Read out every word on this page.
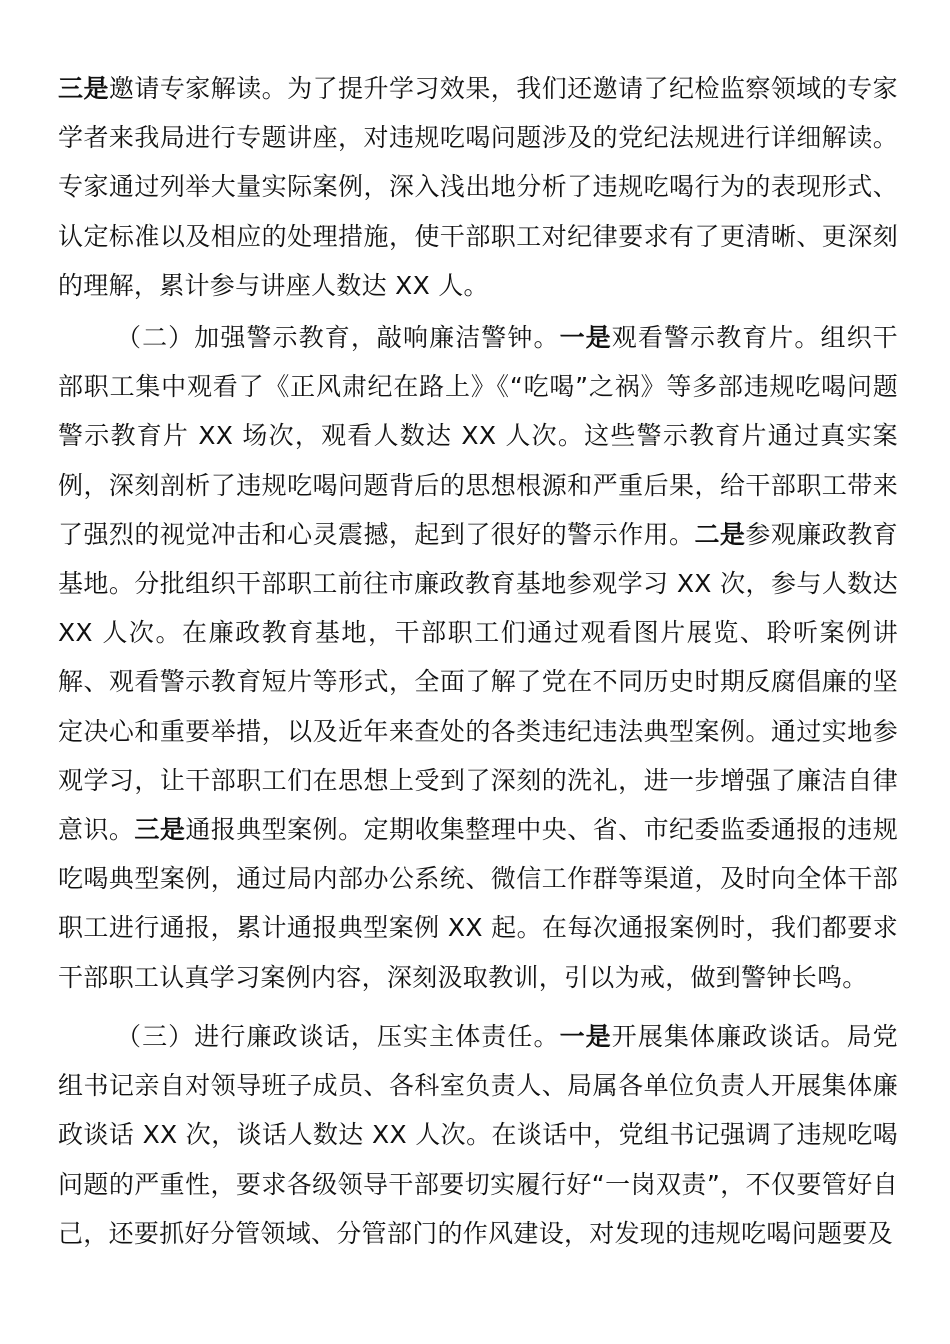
三是邀请专家解读。为了提升学习效果，我们还邀请了纪检监察领域的专家学者来我局进行专题讲座，对违规吃喝问题涉及的党纪法规进行详细解读。专家通过列举大量实际案例，深入浅出地分析了违规吃喝行为的表现形式、认定标准以及相应的处理措施，使干部职工对纪律要求有了更清晰、更深刻的理解，累计参与讲座人数达 XX 人。

（二）加强警示教育，敲响廉洁警钟。一是观看警示教育片。组织干部职工集中观看了《正风肃纪在路上》《“吃喝”之祸》等多部违规吃喝问题警示教育片 XX 场次，观看人数达 XX 人次。这些警示教育片通过真实案例，深刻剖析了违规吃喝问题背后的思想根源和严重后果，给干部职工带来了强烈的视觉冲击和心灵震撼，起到了很好的警示作用。二是参观廉政教育基地。分批组织干部职工前往市廉政教育基地参观学习 XX 次，参与人数达 XX 人次。在廉政教育基地，干部职工们通过观看图片展览、聆听案例讲解、观看警示教育短片等形式，全面了解了党在不同历史时期反腐倡廉的坚定决心和重要举措，以及近年来查处的各类违纪违法典型案例。通过实地参观学习，让干部职工们在思想上受到了深刻的洗礼，进一步增强了廉洁自律意识。三是通报典型案例。定期收集整理中央、省、市纪委监委通报的违规吃喝典型案例，通过局内部办公系统、微信工作群等渠道，及时向全体干部职工进行通报，累计通报典型案例 XX 起。在每次通报案例时，我们都要求干部职工认真学习案例内容，深刻汲取教训，引以为戒，做到警钟长鸣。

（三）进行廉政谈话，压实主体责任。一是开展集体廉政谈话。局党组书记亲自对领导班子成员、各科室负责人、局属各单位负责人开展集体廉政谈话 XX 次，谈话人数达 XX 人次。在谈话中，党组书记强调了违规吃喝问题的严重性，要求各级领导干部要切实履行好“一岗双责”，不仅要管好自己，还要抓好分管领域、分管部门的作风建设，对发现的违规吃喝问题要及
